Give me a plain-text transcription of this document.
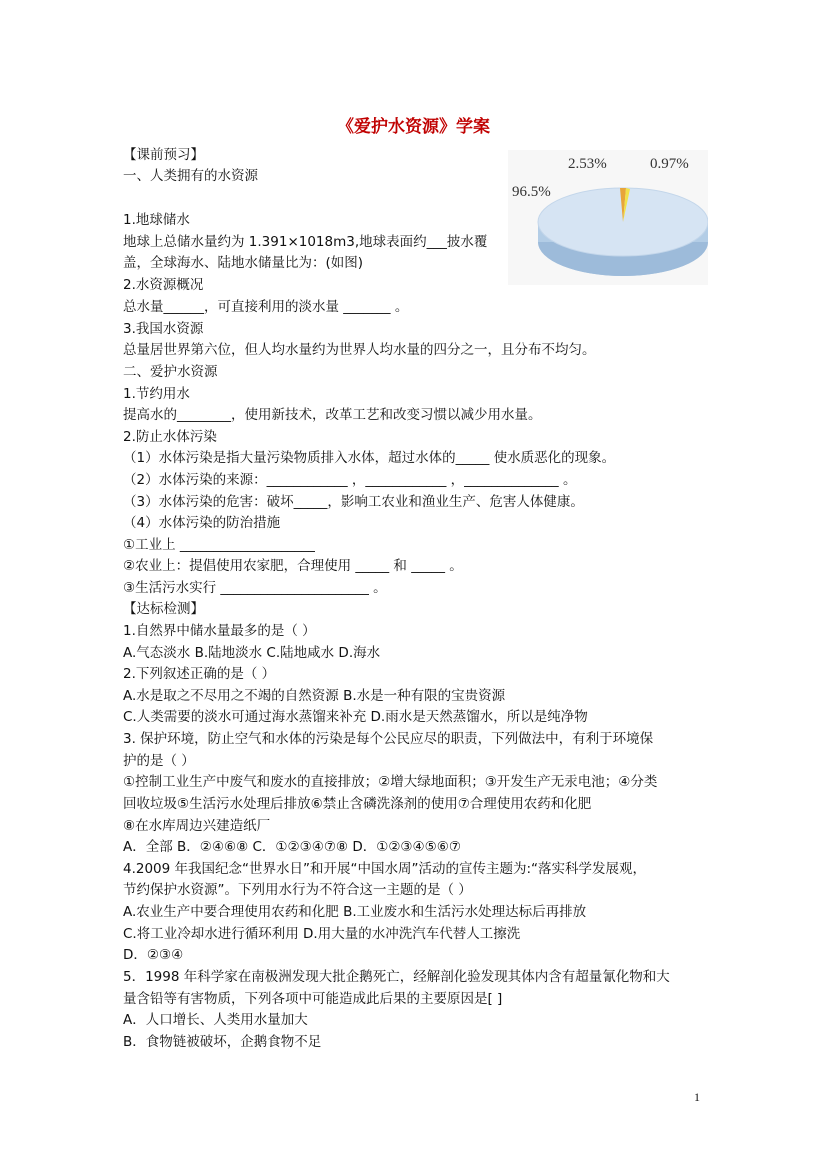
《爱护水资源》学案
96.5%
2.53%	0.97%
【课前预习】
一、人类拥有的水资源
1.地球储水
地球上总储水量约为 1.391×1018m3,地球表面约___披水覆
盖，全球海水、陆地水储量比为：(如图)
2.水资源概况
总水量______，可直接利用的淡水量 _______ 。
3.我国水资源
总量居世界第六位，但人均水量约为世界人均水量的四分之一，且分布不均匀。
二、爱护水资源
1.节约用水
提高水的________，使用新技术，改革工艺和改变习惯以减少用水量。
2.防止水体污染
（1）水体污染是指大量污染物质排入水体，超过水体的_____ 使水质恶化的现象。
（2）水体污染的来源：____________ ，____________ ，______________ 。
（3）水体污染的危害：破坏_____，影响工农业和渔业生产、危害人体健康。
（4）水体污染的防治措施
①工业上 ____________________
②农业上：提倡使用农家肥，合理使用 _____ 和 _____ 。
③生活污水实行 ______________________ 。
【达标检测】
1.自然界中储水量最多的是（ ）
A.气态淡水 B.陆地淡水 C.陆地咸水 D.海水
2.下列叙述正确的是（ ）
A.水是取之不尽用之不竭的自然资源 B.水是一种有限的宝贵资源
C.人类需要的淡水可通过海水蒸馏来补充 D.雨水是天然蒸馏水，所以是纯净物
3. 保护环境，防止空气和水体的污染是每个公民应尽的职责，下列做法中，有利于环境保
护的是（ ）
①控制工业生产中废气和废水的直接排放；②增大绿地面积；③开发生产无汞电池；④分类
回收垃圾⑤生活污水处理后排放⑥禁止含磷洗涤剂的使用⑦合理使用农药和化肥
⑧在水库周边兴建造纸厂
A．全部 B．②④⑥⑧ C．①②③④⑦⑧ D．①②③④⑤⑥⑦
4.2009 年我国纪念“世界水日”和开展“中国水周”活动的宣传主题为:“落实科学发展观，
节约保护水资源”。下列用水行为不符合这一主题的是（ ）
A.农业生产中要合理使用农药和化肥 B.工业废水和生活污水处理达标后再排放
C.将工业冷却水进行循环利用 D.用大量的水冲洗汽车代替人工擦洗
D．②③④
5．1998 年科学家在南极洲发现大批企鹅死亡，经解剖化验发现其体内含有超量氰化物和大
量含铅等有害物质，下列各项中可能造成此后果的主要原因是[ ]
A．人口增长、人类用水量加大
B．食物链被破坏，企鹅食物不足
1
